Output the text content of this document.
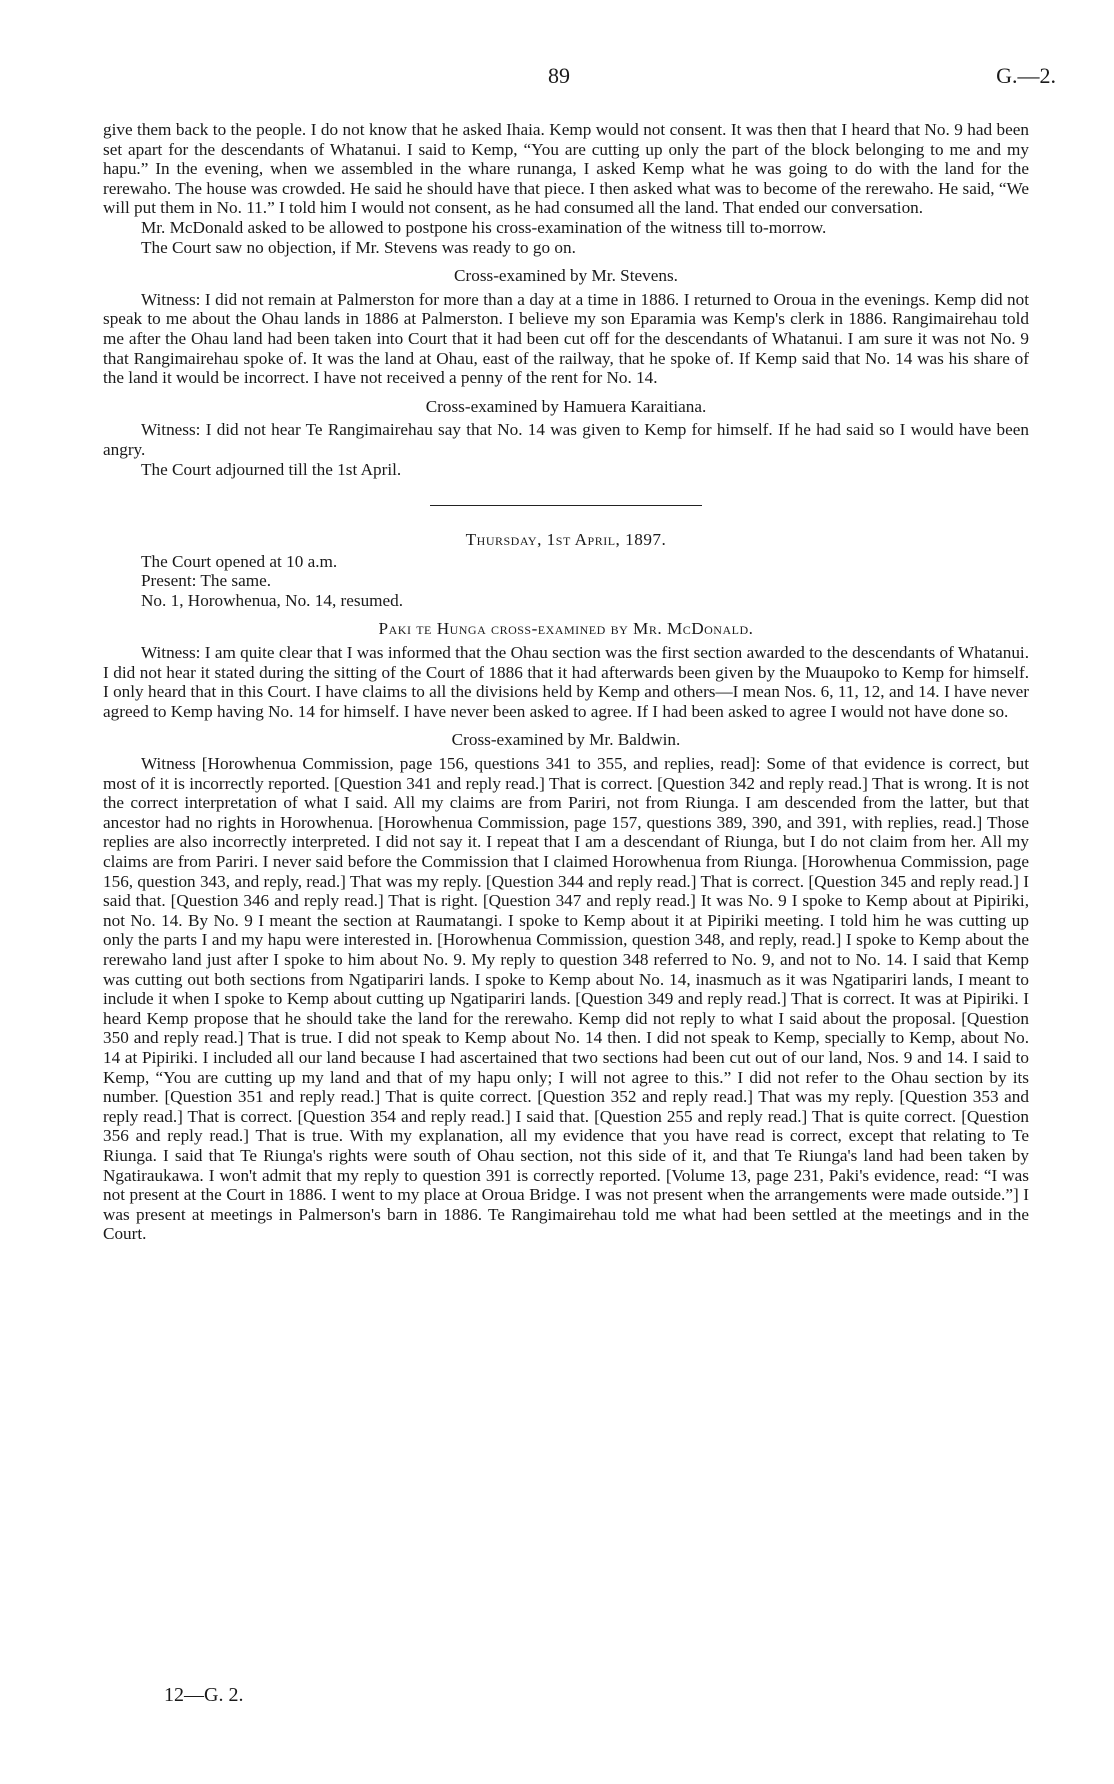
89	G.—2.

give them back to the people. I do not know that he asked Ihaia. Kemp would not consent. It was then that I heard that No. 9 had been set apart for the descendants of Whatanui. I said to Kemp, “You are cutting up only the part of the block belonging to me and my hapu.” In the evening, when we assembled in the whare runanga, I asked Kemp what he was going to do with the land for the rerewaho. The house was crowded. He said he should have that piece. I then asked what was to become of the rerewaho. He said, “We will put them in No. 11.” I told him I would not consent, as he had consumed all the land. That ended our conversation.

Mr. McDonald asked to be allowed to postpone his cross-examination of the witness till to-morrow.

The Court saw no objection, if Mr. Stevens was ready to go on.

Cross-examined by Mr. Stevens.

Witness: I did not remain at Palmerston for more than a day at a time in 1886. I returned to Oroua in the evenings. Kemp did not speak to me about the Ohau lands in 1886 at Palmerston. I believe my son Eparamia was Kemp's clerk in 1886. Rangimairehau told me after the Ohau land had been taken into Court that it had been cut off for the descendants of Whatanui. I am sure it was not No. 9 that Rangimairehau spoke of. It was the land at Ohau, east of the railway, that he spoke of. If Kemp said that No. 14 was his share of the land it would be incorrect. I have not received a penny of the rent for No. 14.

Cross-examined by Hamuera Karaitiana.

Witness: I did not hear Te Rangimairehau say that No. 14 was given to Kemp for himself. If he had said so I would have been angry.

The Court adjourned till the 1st April.

Thursday, 1st April, 1897.

The Court opened at 10 a.m.

Present: The same.

No. 1, Horowhenua, No. 14, resumed.

Paki te Hunga cross-examined by Mr. McDonald.

Witness: I am quite clear that I was informed that the Ohau section was the first section awarded to the descendants of Whatanui. I did not hear it stated during the sitting of the Court of 1886 that it had afterwards been given by the Muaupoko to Kemp for himself. I only heard that in this Court. I have claims to all the divisions held by Kemp and others—I mean Nos. 6, 11, 12, and 14. I have never agreed to Kemp having No. 14 for himself. I have never been asked to agree. If I had been asked to agree I would not have done so.

Cross-examined by Mr. Baldwin.

Witness [Horowhenua Commission, page 156, questions 341 to 355, and replies, read]: Some of that evidence is correct, but most of it is incorrectly reported. [Question 341 and reply read.] That is correct. [Question 342 and reply read.] That is wrong. It is not the correct interpretation of what I said. All my claims are from Pariri, not from Riunga. I am descended from the latter, but that ancestor had no rights in Horowhenua. [Horowhenua Commission, page 157, questions 389, 390, and 391, with replies, read.] Those replies are also incorrectly interpreted. I did not say it. I repeat that I am a descendant of Riunga, but I do not claim from her. All my claims are from Pariri. I never said before the Commission that I claimed Horowhenua from Riunga. [Horowhenua Commission, page 156, question 343, and reply, read.] That was my reply. [Question 344 and reply read.] That is correct. [Question 345 and reply read.] I said that. [Question 346 and reply read.] That is right. [Question 347 and reply read.] It was No. 9 I spoke to Kemp about at Pipiriki, not No. 14. By No. 9 I meant the section at Raumatangi. I spoke to Kemp about it at Pipiriki meeting. I told him he was cutting up only the parts I and my hapu were interested in. [Horowhenua Commission, question 348, and reply, read.] I spoke to Kemp about the rerewaho land just after I spoke to him about No. 9. My reply to question 348 referred to No. 9, and not to No. 14. I said that Kemp was cutting out both sections from Ngatipariri lands. I spoke to Kemp about No. 14, inasmuch as it was Ngatipariri lands, I meant to include it when I spoke to Kemp about cutting up Ngatipariri lands. [Question 349 and reply read.] That is correct. It was at Pipiriki. I heard Kemp propose that he should take the land for the rerewaho. Kemp did not reply to what I said about the proposal. [Question 350 and reply read.] That is true. I did not speak to Kemp about No. 14 then. I did not speak to Kemp, specially to Kemp, about No. 14 at Pipiriki. I included all our land because I had ascertained that two sections had been cut out of our land, Nos. 9 and 14. I said to Kemp, “You are cutting up my land and that of my hapu only; I will not agree to this.” I did not refer to the Ohau section by its number. [Question 351 and reply read.] That is quite correct. [Question 352 and reply read.] That was my reply. [Question 353 and reply read.] That is correct. [Question 354 and reply read.] I said that. [Question 255 and reply read.] That is quite correct. [Question 356 and reply read.] That is true. With my explanation, all my evidence that you have read is correct, except that relating to Te Riunga. I said that Te Riunga's rights were south of Ohau section, not this side of it, and that Te Riunga's land had been taken by Ngatiraukawa. I won't admit that my reply to question 391 is correctly reported. [Volume 13, page 231, Paki's evidence, read: “I was not present at the Court in 1886. I went to my place at Oroua Bridge. I was not present when the arrangements were made outside.”] I was present at meetings in Palmerson's barn in 1886. Te Rangimairehau told me what had been settled at the meetings and in the Court.

12—G. 2.
